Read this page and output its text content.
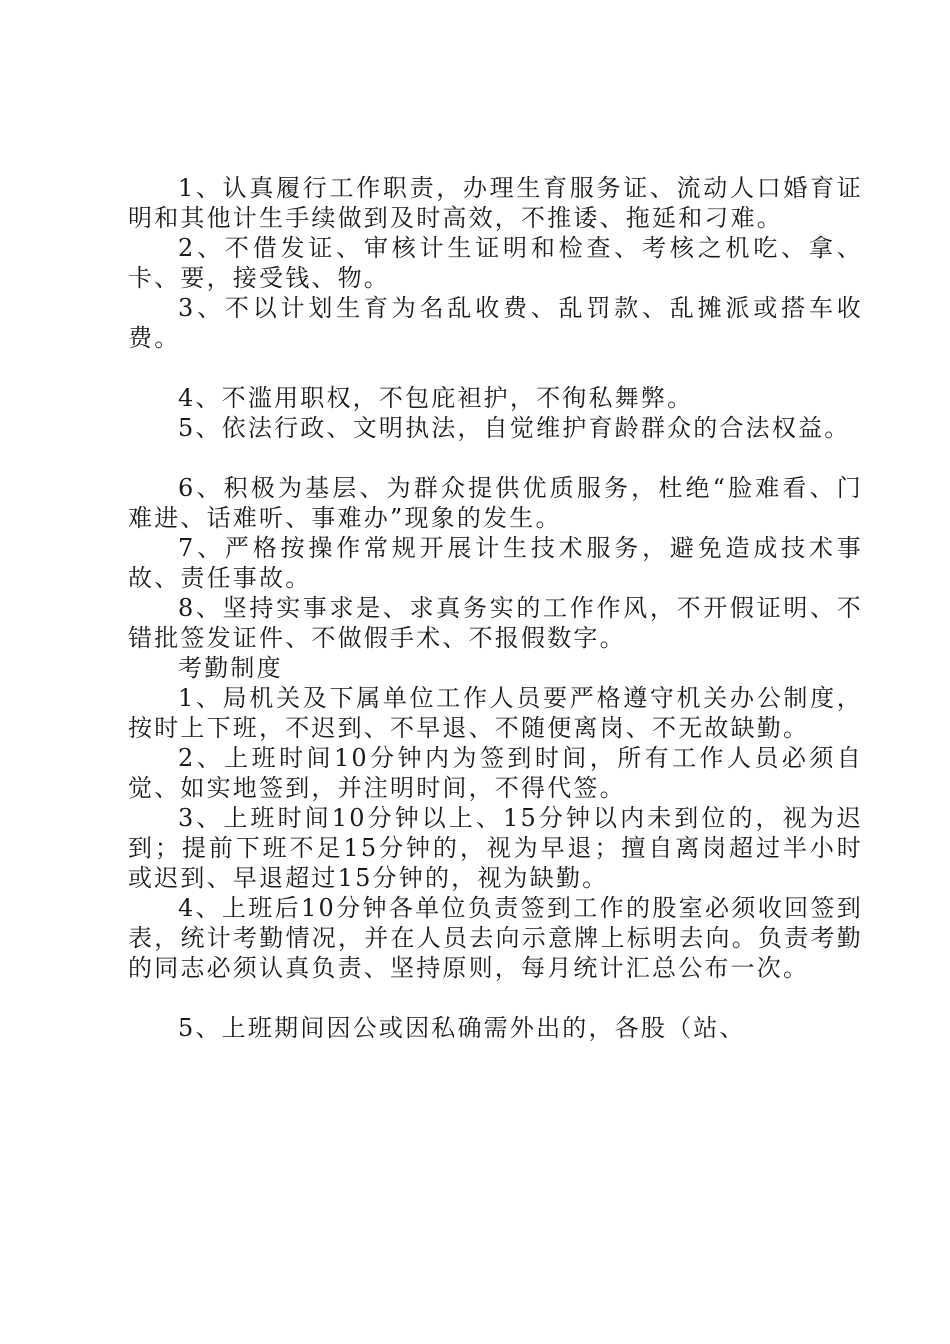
1、认真履行工作职责，办理生育服务证、流动人口婚育证明和其他计生手续做到及时高效，不推诿、拖延和刁难。

2、不借发证、审核计生证明和检查、考核之机吃、拿、卡、要，接受钱、物。

3、不以计划生育为名乱收费、乱罚款、乱摊派或搭车收费。

4、不滥用职权，不包庇袒护，不徇私舞弊。

5、依法行政、文明执法，自觉维护育龄群众的合法权益。

6、积极为基层、为群众提供优质服务，杜绝“脸难看、门难进、话难听、事难办”现象的发生。

7、严格按操作常规开展计生技术服务，避免造成技术事故、责任事故。

8、坚持实事求是、求真务实的工作作风，不开假证明、不错批签发证件、不做假手术、不报假数字。

考勤制度

1、局机关及下属单位工作人员要严格遵守机关办公制度，按时上下班，不迟到、不早退、不随便离岗、不无故缺勤。

2、上班时间10分钟内为签到时间，所有工作人员必须自觉、如实地签到，并注明时间，不得代签。

3、上班时间10分钟以上、15分钟以内未到位的，视为迟到；提前下班不足15分钟的，视为早退；擅自离岗超过半小时或迟到、早退超过15分钟的，视为缺勤。

4、上班后10分钟各单位负责签到工作的股室必须收回签到表，统计考勤情况，并在人员去向示意牌上标明去向。负责考勤的同志必须认真负责、坚持原则，每月统计汇总公布一次。

5、上班期间因公或因私确需外出的，各股（站、
